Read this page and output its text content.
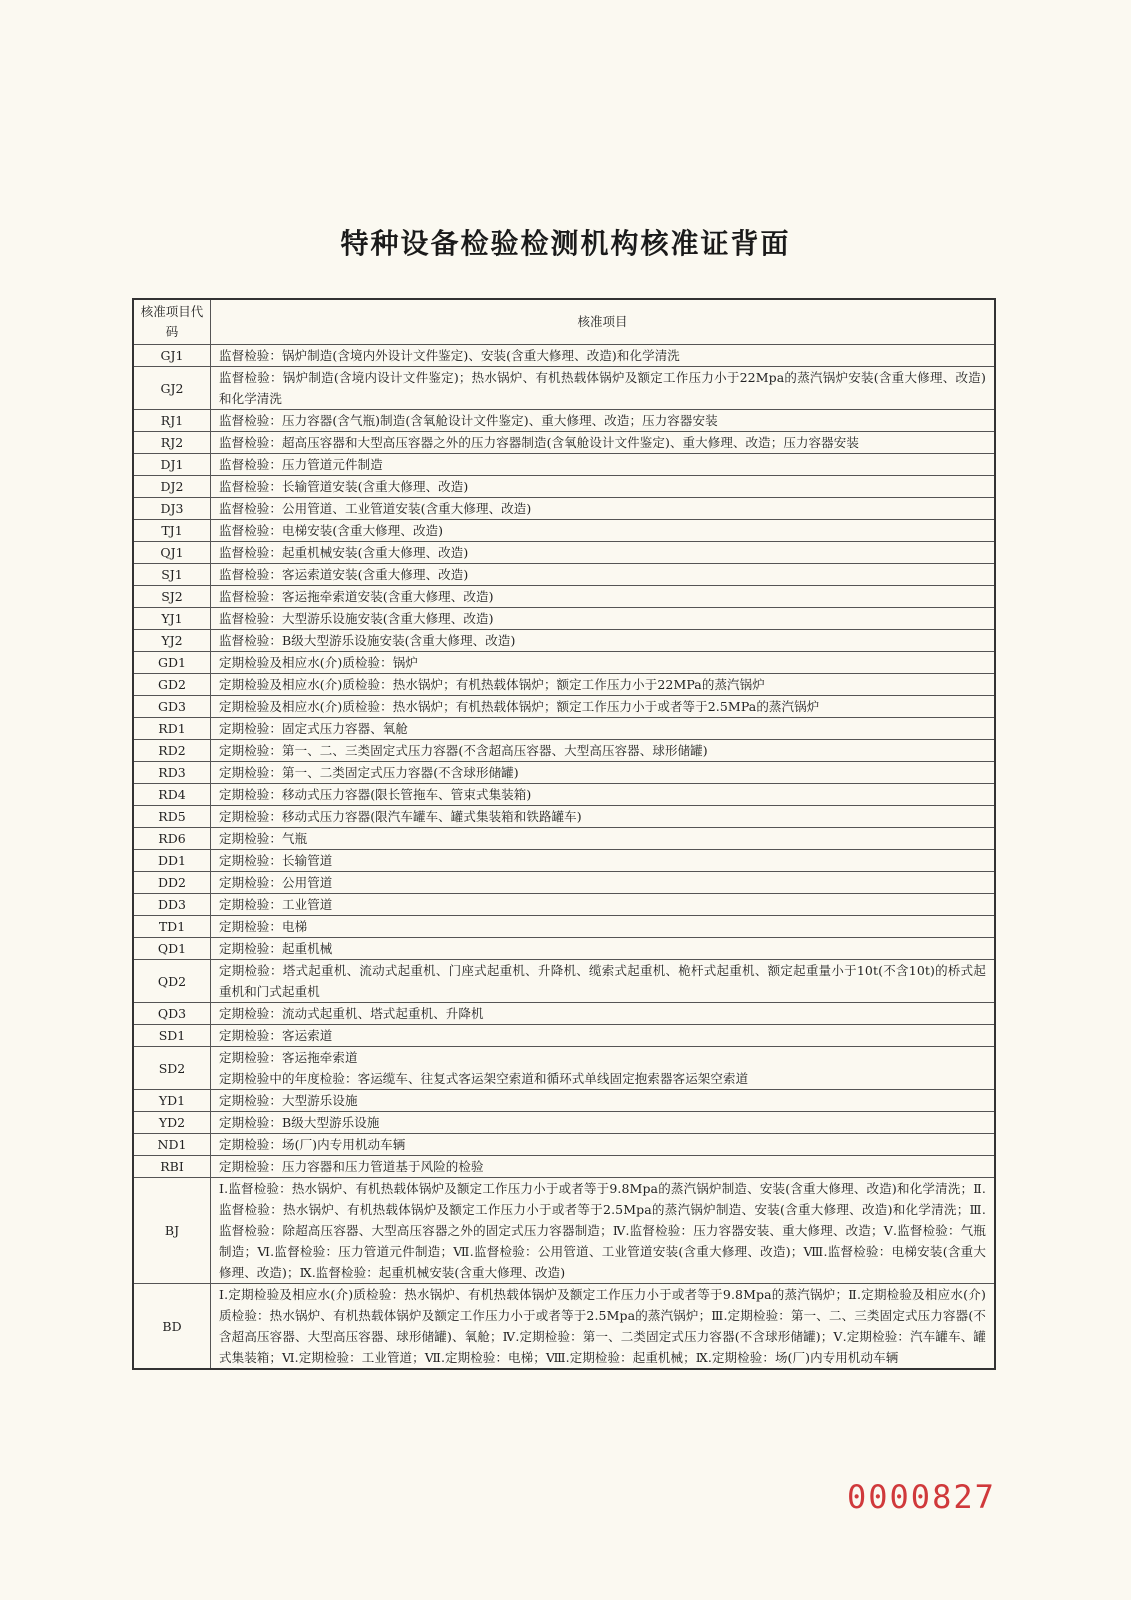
特种设备检验检测机构核准证背面
核准项目代码	核准项目
GJ1	监督检验：锅炉制造(含境内外设计文件鉴定)、安装(含重大修理、改造)和化学清洗
GJ2	监督检验：锅炉制造(含境内设计文件鉴定)；热水锅炉、有机热载体锅炉及额定工作压力小于22Mpa的蒸汽锅炉安装(含重大修理、改造)和化学清洗
RJ1	监督检验：压力容器(含气瓶)制造(含氧舱设计文件鉴定)、重大修理、改造；压力容器安装
RJ2	监督检验：超高压容器和大型高压容器之外的压力容器制造(含氧舱设计文件鉴定)、重大修理、改造；压力容器安装
DJ1	监督检验：压力管道元件制造
DJ2	监督检验：长输管道安装(含重大修理、改造)
DJ3	监督检验：公用管道、工业管道安装(含重大修理、改造)
TJ1	监督检验：电梯安装(含重大修理、改造)
QJ1	监督检验：起重机械安装(含重大修理、改造)
SJ1	监督检验：客运索道安装(含重大修理、改造)
SJ2	监督检验：客运拖牵索道安装(含重大修理、改造)
YJ1	监督检验：大型游乐设施安装(含重大修理、改造)
YJ2	监督检验：B级大型游乐设施安装(含重大修理、改造)
GD1	定期检验及相应水(介)质检验：锅炉
GD2	定期检验及相应水(介)质检验：热水锅炉；有机热载体锅炉；额定工作压力小于22MPa的蒸汽锅炉
GD3	定期检验及相应水(介)质检验：热水锅炉；有机热载体锅炉；额定工作压力小于或者等于2.5MPa的蒸汽锅炉
RD1	定期检验：固定式压力容器、氧舱
RD2	定期检验：第一、二、三类固定式压力容器(不含超高压容器、大型高压容器、球形储罐)
RD3	定期检验：第一、二类固定式压力容器(不含球形储罐)
RD4	定期检验：移动式压力容器(限长管拖车、管束式集装箱)
RD5	定期检验：移动式压力容器(限汽车罐车、罐式集装箱和铁路罐车)
RD6	定期检验：气瓶
DD1	定期检验：长输管道
DD2	定期检验：公用管道
DD3	定期检验：工业管道
TD1	定期检验：电梯
QD1	定期检验：起重机械
QD2	定期检验：塔式起重机、流动式起重机、门座式起重机、升降机、缆索式起重机、桅杆式起重机、额定起重量小于10t(不含10t)的桥式起重机和门式起重机
QD3	定期检验：流动式起重机、塔式起重机、升降机
SD1	定期检验：客运索道
SD2	定期检验：客运拖牵索道
定期检验中的年度检验：客运缆车、往复式客运架空索道和循环式单线固定抱索器客运架空索道

YD1	定期检验：大型游乐设施
YD2	定期检验：B级大型游乐设施
ND1	定期检验：场(厂)内专用机动车辆
RBI	定期检验：压力容器和压力管道基于风险的检验
BJ	Ⅰ.监督检验：热水锅炉、有机热载体锅炉及额定工作压力小于或者等于9.8Mpa的蒸汽锅炉制造、安装(含重大修理、改造)和化学清洗；Ⅱ.监督检验：热水锅炉、有机热载体锅炉及额定工作压力小于或者等于2.5Mpa的蒸汽锅炉制造、安装(含重大修理、改造)和化学清洗；Ⅲ.监督检验：除超高压容器、大型高压容器之外的固定式压力容器制造；Ⅳ.监督检验：压力容器安装、重大修理、改造；Ⅴ.监督检验：气瓶制造；Ⅵ.监督检验：压力管道元件制造；Ⅶ.监督检验：公用管道、工业管道安装(含重大修理、改造)；Ⅷ.监督检验：电梯安装(含重大修理、改造)；Ⅸ.监督检验：起重机械安装(含重大修理、改造)
BD	Ⅰ.定期检验及相应水(介)质检验：热水锅炉、有机热载体锅炉及额定工作压力小于或者等于9.8Mpa的蒸汽锅炉；Ⅱ.定期检验及相应水(介)质检验：热水锅炉、有机热载体锅炉及额定工作压力小于或者等于2.5Mpa的蒸汽锅炉；Ⅲ.定期检验：第一、二、三类固定式压力容器(不含超高压容器、大型高压容器、球形储罐)、氧舱；Ⅳ.定期检验：第一、二类固定式压力容器(不含球形储罐)；Ⅴ.定期检验：汽车罐车、罐式集装箱；Ⅵ.定期检验：工业管道；Ⅶ.定期检验：电梯；Ⅷ.定期检验：起重机械；Ⅸ.定期检验：场(厂)内专用机动车辆
0000827
